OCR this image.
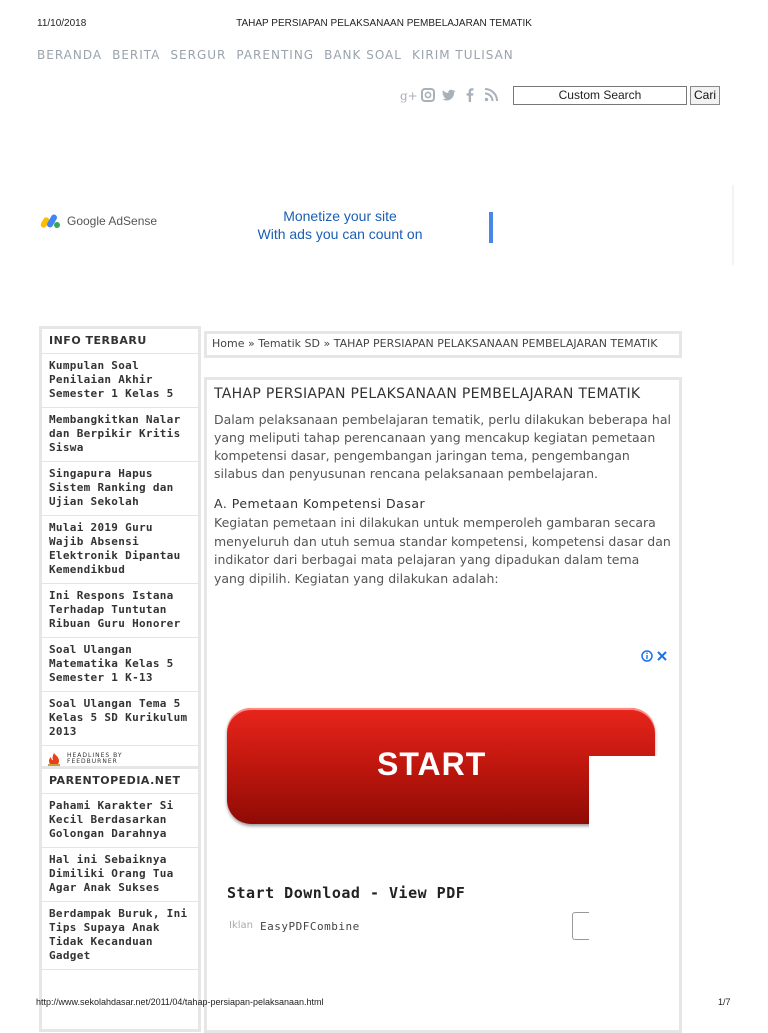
11/10/2018	TAHAP PERSIAPAN PELAKSANAAN PEMBELAJARAN TEMATIK
BERANDA BERITA SERGUR PARENTING BANK SOAL KIRIM TULISAN
g+	Custom Search	Cari
Google AdSense	Monetize your site
With ads you can count on
INFO TERBARU
Kumpulan Soal Penilaian Akhir Semester 1 Kelas 5
Membangkitkan Nalar dan Berpikir Kritis Siswa
Singapura Hapus Sistem Ranking dan Ujian Sekolah
Mulai 2019 Guru Wajib Absensi Elektronik Dipantau Kemendikbud
Ini Respons Istana Terhadap Tuntutan Ribuan Guru Honorer
Soal Ulangan Matematika Kelas 5 Semester 1 K-13
Soal Ulangan Tema 5 Kelas 5 SD Kurikulum 2013
HEADLINES BY
FEEDBURNER
PARENTOPEDIA.NET
Pahami Karakter Si Kecil Berdasarkan Golongan Darahnya
Hal ini Sebaiknya Dimiliki Orang Tua Agar Anak Sukses
Berdampak Buruk, Ini Tips Supaya Anak Tidak Kecanduan Gadget
Home » Tematik SD » TAHAP PERSIAPAN PELAKSANAAN PEMBELAJARAN TEMATIK
TAHAP PERSIAPAN PELAKSANAAN PEMBELAJARAN TEMATIK
Dalam pelaksanaan pembelajaran tematik, perlu dilakukan beberapa hal yang meliputi tahap perencanaan yang mencakup kegiatan pemetaan kompetensi dasar, pengembangan jaringan tema, pengembangan silabus dan penyusunan rencana pelaksanaan pembelajaran.
A. Pemetaan Kompetensi Dasar
Kegiatan pemetaan ini dilakukan untuk memperoleh gambaran secara menyeluruh dan utuh semua standar kompetensi, kompetensi dasar dan indikator dari berbagai mata pelajaran yang dipadukan dalam tema yang dipilih. Kegiatan yang dilakukan adalah:
START
Start Download - View PDF
Iklan EasyPDFCombine
http://www.sekolahdasar.net/2011/04/tahap-persiapan-pelaksanaan.html	1/7
